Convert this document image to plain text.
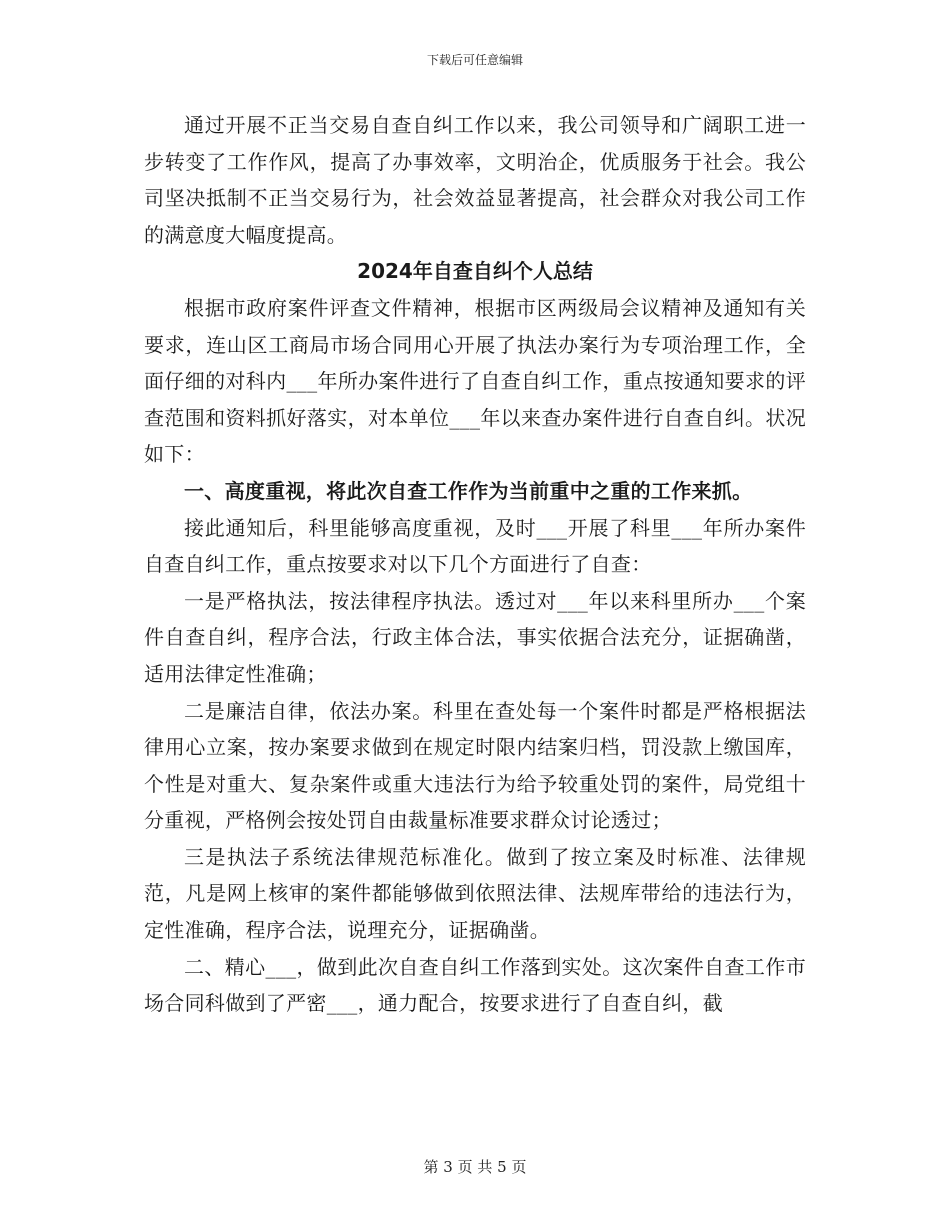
下载后可任意编辑

通过开展不正当交易自查自纠工作以来，我公司领导和广阔职工进一步转变了工作作风，提高了办事效率，文明治企，优质服务于社会。我公司坚决抵制不正当交易行为，社会效益显著提高，社会群众对我公司工作的满意度大幅度提高。

2024年自查自纠个人总结

根据市政府案件评查文件精神，根据市区两级局会议精神及通知有关要求，连山区工商局市场合同用心开展了执法办案行为专项治理工作，全面仔细的对科内___年所办案件进行了自查自纠工作，重点按通知要求的评查范围和资料抓好落实，对本单位___年以来查办案件进行自查自纠。状况如下：

一、高度重视，将此次自查工作作为当前重中之重的工作来抓。

接此通知后，科里能够高度重视，及时___开展了科里___年所办案件自查自纠工作，重点按要求对以下几个方面进行了自查：

一是严格执法，按法律程序执法。透过对___年以来科里所办___个案件自查自纠，程序合法，行政主体合法，事实依据合法充分，证据确凿，适用法律定性准确；

二是廉洁自律，依法办案。科里在查处每一个案件时都是严格根据法律用心立案，按办案要求做到在规定时限内结案归档，罚没款上缴国库，个性是对重大、复杂案件或重大违法行为给予较重处罚的案件，局党组十分重视，严格例会按处罚自由裁量标准要求群众讨论透过；

三是执法子系统法律规范标准化。做到了按立案及时标准、法律规范，凡是网上核审的案件都能够做到依照法律、法规库带给的违法行为，定性准确，程序合法，说理充分，证据确凿。

二、精心___，做到此次自查自纠工作落到实处。这次案件自查工作市场合同科做到了严密___，通力配合，按要求进行了自查自纠，截

第 3 页 共 5 页
